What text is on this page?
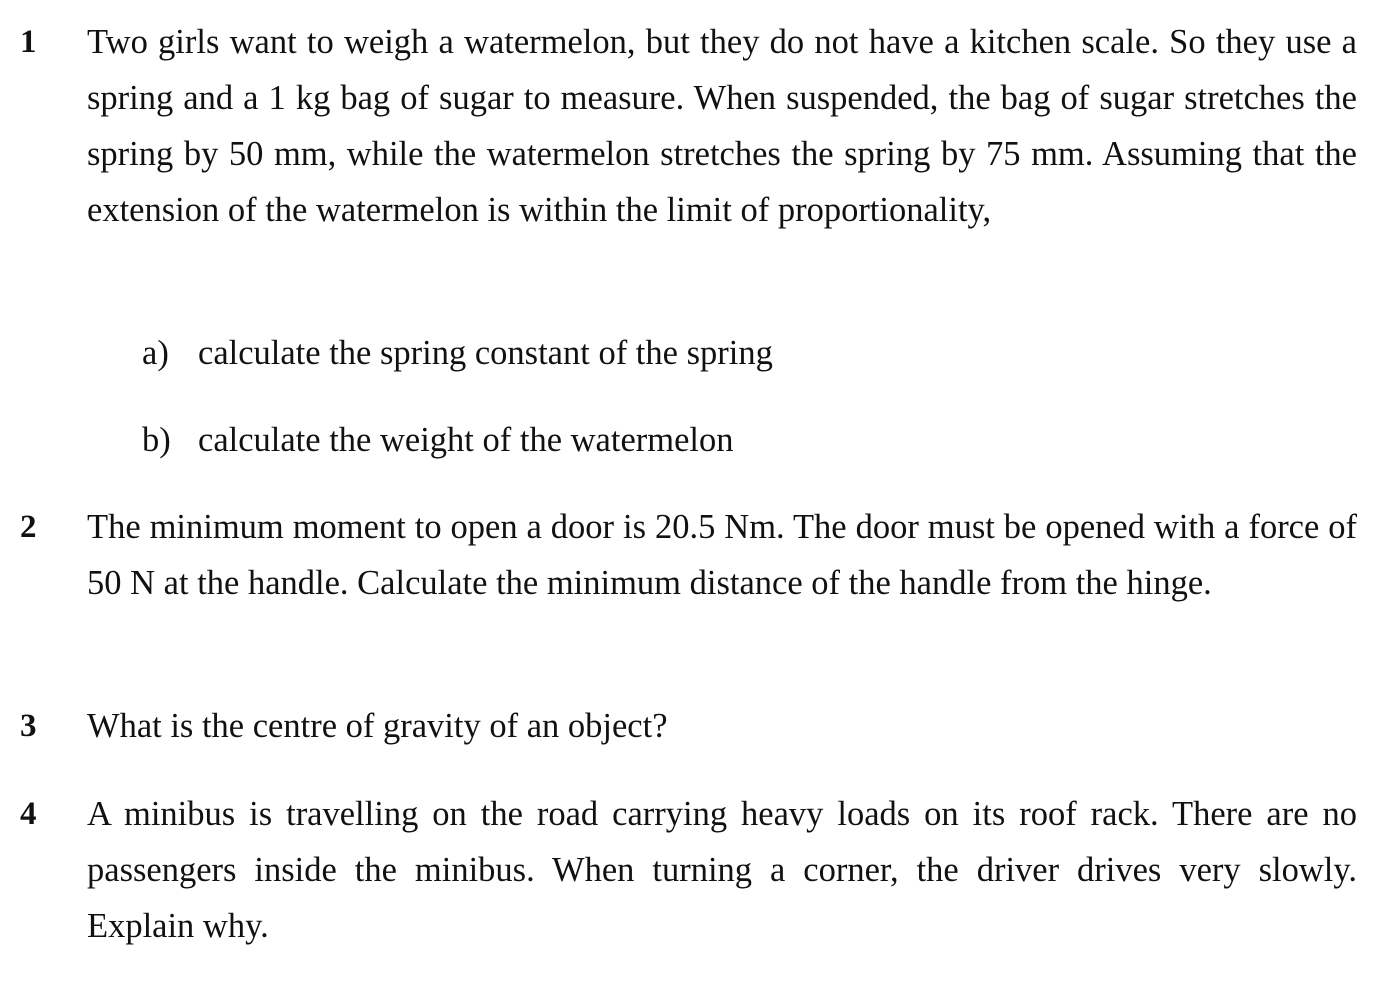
1	Two girls want to weigh a watermelon, but they do not have a kitchen scale. So they use a spring and a 1 kg bag of sugar to measure. When suspended, the bag of sugar stretches the spring by 50 mm, while the watermelon stretches the spring by 75 mm. Assuming that the extension of the watermelon is within the limit of proportionality,

a) calculate the spring constant of the spring
b) calculate the weight of the watermelon
2	The minimum moment to open a door is 20.5 Nm. The door must be opened with a force of 50 N at the handle. Calculate the minimum distance of the handle from the hinge.

3	What is the centre of gravity of an object?

4	A minibus is travelling on the road carrying heavy loads on its roof rack. There are no passengers inside the minibus. When turning a corner, the driver drives very slowly. Explain why.
